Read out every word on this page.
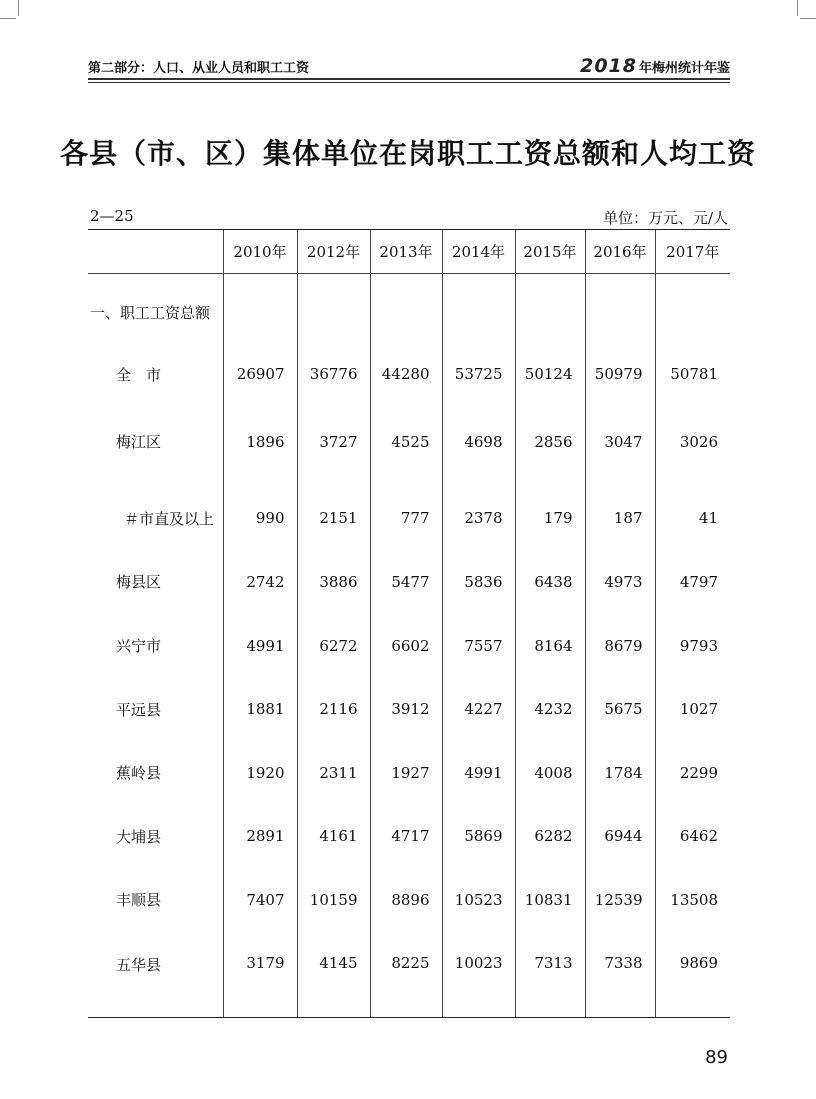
第二部分：人口、从业人员和职工工资	2018 年梅州统计年鉴
各县（市、区）集体单位在岗职工工资总额和人均工资
2—25	单位：万元、元/人
	2010年	2012年	2013年	2014年	2015年	2016年	2017年
一、职工工资总额							
全　市	26907	36776	44280	53725	50124	50979	50781
梅江区	1896	3727	4525	4698	2856	3047	3026
＃市直及以上	990	2151	777	2378	179	187	41
梅县区	2742	3886	5477	5836	6438	4973	4797
兴宁市	4991	6272	6602	7557	8164	8679	9793
平远县	1881	2116	3912	4227	4232	5675	1027
蕉岭县	1920	2311	1927	4991	4008	1784	2299
大埔县	2891	4161	4717	5869	6282	6944	6462
丰顺县	7407	10159	8896	10523	10831	12539	13508
五华县	3179	4145	8225	10023	7313	7338	9869
89
